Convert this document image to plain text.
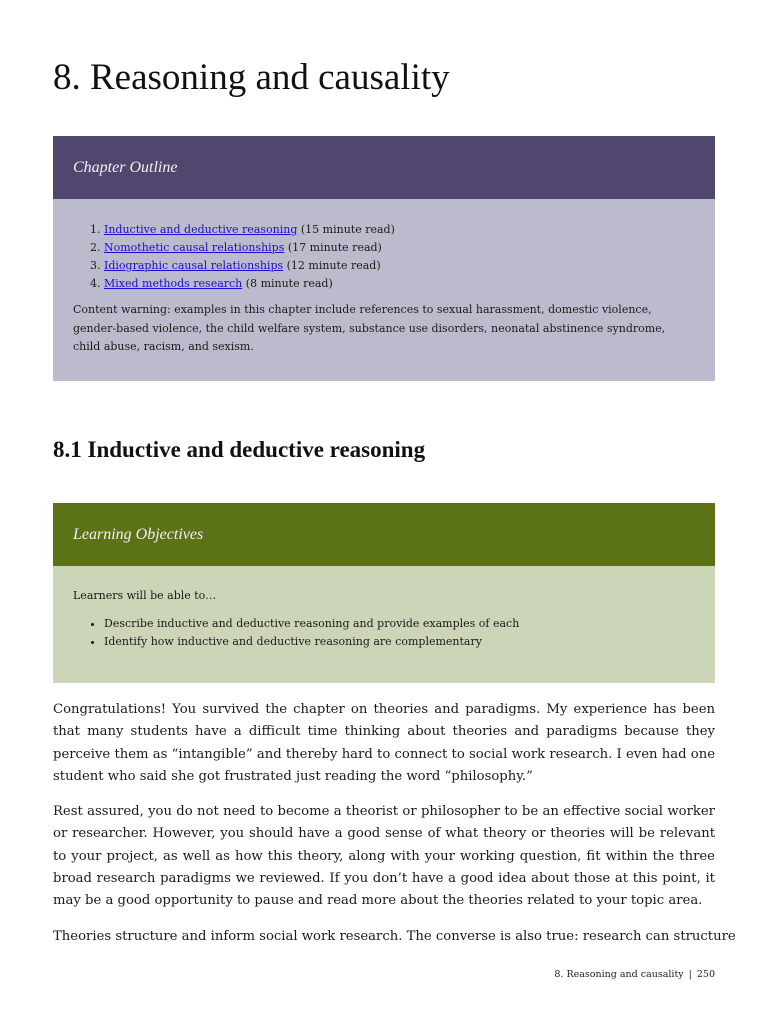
8. Reasoning and causality
Chapter Outline
1. Inductive and deductive reasoning (15 minute read)
2. Nomothetic causal relationships (17 minute read)
3. Idiographic causal relationships (12 minute read)
4. Mixed methods research (8 minute read)

Content warning: examples in this chapter include references to sexual harassment, domestic violence, gender-based violence, the child welfare system, substance use disorders, neonatal abstinence syndrome, child abuse, racism, and sexism.

8.1 Inductive and deductive reasoning
Learning Objectives

Learners will be able to…

• Describe inductive and deductive reasoning and provide examples of each
• Identify how inductive and deductive reasoning are complementary

Congratulations! You survived the chapter on theories and paradigms. My experience has been that many students have a difficult time thinking about theories and paradigms because they perceive them as “intangible” and thereby hard to connect to social work research. I even had one student who said she got frustrated just reading the word “philosophy.”

Rest assured, you do not need to become a theorist or philosopher to be an effective social worker or researcher. However, you should have a good sense of what theory or theories will be relevant to your project, as well as how this theory, along with your working question, fit within the three broad research paradigms we reviewed. If you don’t have a good idea about those at this point, it may be a good opportunity to pause and read more about the theories related to your topic area.

Theories structure and inform social work research. The converse is also true: research can structure

8. Reasoning and causality | 250
